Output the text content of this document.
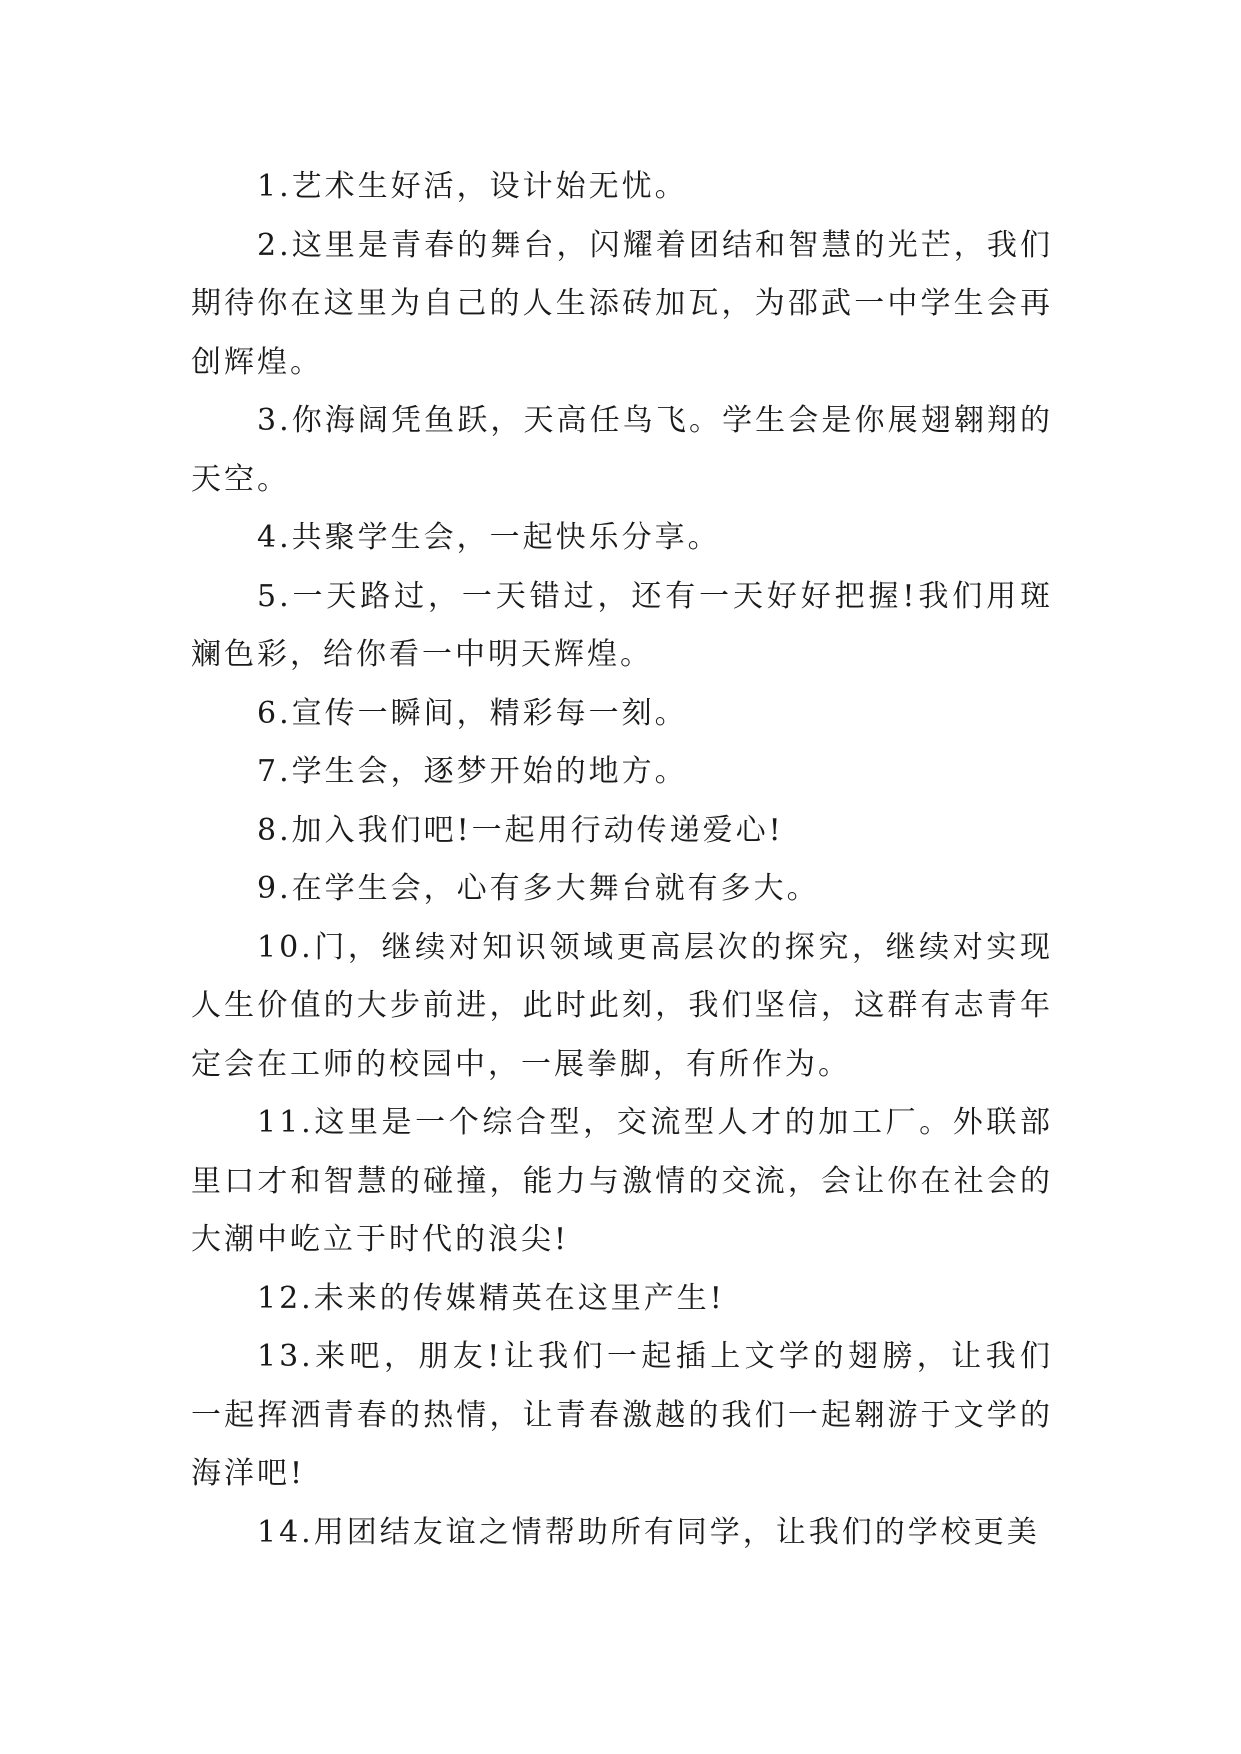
1.艺术生好活，设计始无忧。

2.这里是青春的舞台，闪耀着团结和智慧的光芒，我们期待你在这里为自己的人生添砖加瓦，为邵武一中学生会再创辉煌。

3.你海阔凭鱼跃，天高任鸟飞。学生会是你展翅翱翔的天空。

4.共聚学生会，一起快乐分享。

5.一天路过，一天错过，还有一天好好把握!我们用斑斓色彩，给你看一中明天辉煌。

6.宣传一瞬间，精彩每一刻。

7.学生会，逐梦开始的地方。

8.加入我们吧!一起用行动传递爱心!

9.在学生会，心有多大舞台就有多大。

10.门，继续对知识领域更高层次的探究，继续对实现人生价值的大步前进，此时此刻，我们坚信，这群有志青年定会在工师的校园中，一展拳脚，有所作为。

11.这里是一个综合型，交流型人才的加工厂。外联部里口才和智慧的碰撞，能力与激情的交流，会让你在社会的大潮中屹立于时代的浪尖!

12.未来的传媒精英在这里产生!

13.来吧，朋友!让我们一起插上文学的翅膀，让我们一起挥洒青春的热情，让青春激越的我们一起翱游于文学的海洋吧!

14.用团结友谊之情帮助所有同学，让我们的学校更美
